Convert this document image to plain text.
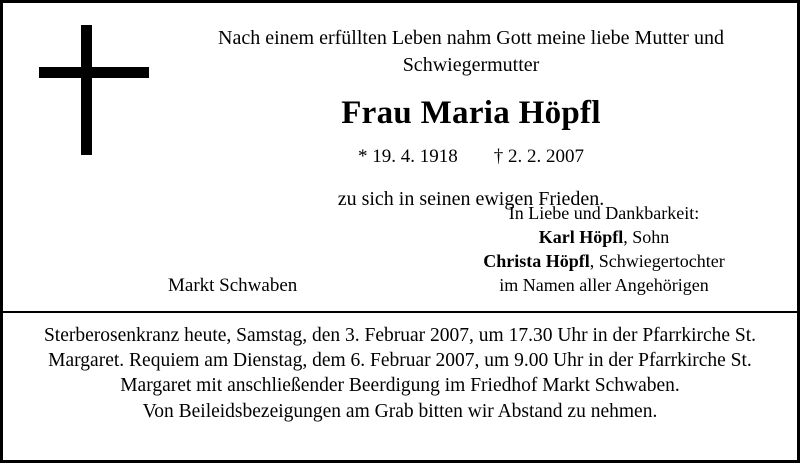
Nach einem erfüllten Leben nahm Gott meine liebe Mutter und Schwiegermutter
Frau Maria Höpfl
* 19. 4. 1918 † 2. 2. 2007
zu sich in seinen ewigen Frieden.
Markt Schwaben
In Liebe und Dankbarkeit:
Karl Höpfl, Sohn
Christa Höpfl, Schwiegertochter
im Namen aller Angehörigen
Sterberosenkranz heute, Samstag, den 3. Februar 2007, um 17.30 Uhr in der Pfarrkirche St. Margaret. Requiem am Dienstag, dem 6. Februar 2007, um 9.00 Uhr in der Pfarrkirche St. Margaret mit anschließender Beerdigung im Friedhof Markt Schwaben.
Von Beileidsbezeigungen am Grab bitten wir Abstand zu nehmen.
